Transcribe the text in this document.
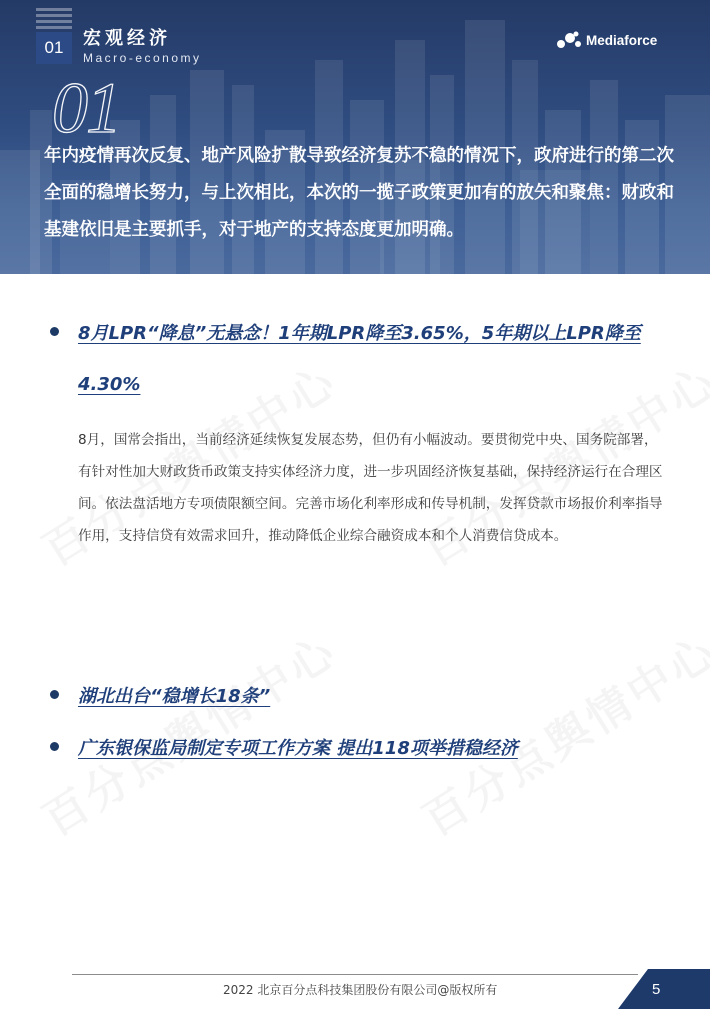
01	宏观经济
Macro-economy
Mediaforce
01

年内疫情再次反复、地产风险扩散导致经济复苏不稳的情况下，政府进行的第二次全面的稳增长努力，与上次相比，本次的一揽子政策更加有的放矢和聚焦：财政和基建依旧是主要抓手，对于地产的支持态度更加明确。

8月LPR“降息”无悬念！1年期LPR降至3.65%，5年期以上LPR降至

4.30%

8月，国常会指出，当前经济延续恢复发展态势，但仍有小幅波动。要贯彻党中央、国务院部署，有针对性加大财政货币政策支持实体经济力度，进一步巩固经济恢复基础，保持经济运行在合理区间。依法盘活地方专项债限额空间。完善市场化利率形成和传导机制，发挥贷款市场报价利率指导作用，支持信贷有效需求回升，推动降低企业综合融资成本和个人消费信贷成本。

湖北出台“稳增长18条”

广东银保监局制定专项工作方案 提出118项举措稳经济

2022 北京百分点科技集团股份有限公司@版权所有	5
